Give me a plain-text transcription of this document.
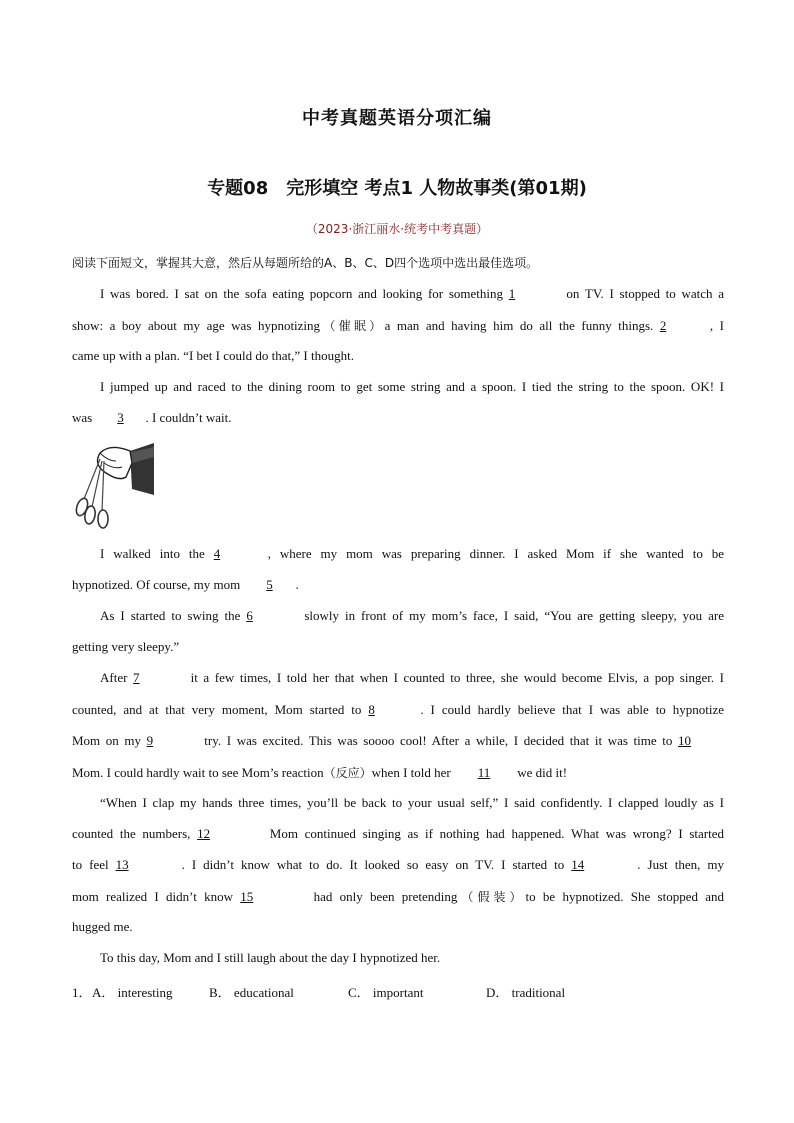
中考真题英语分项汇编
专题08　完形填空 考点1 人物故事类(第01期)
（2023·浙江丽水·统考中考真题）
阅读下面短文，掌握其大意，然后从每题所给的A、B、C、D四个选项中选出最佳选项。
I was bored. I sat on the sofa eating popcorn and looking for something 1	on TV. I stopped to watch a
show: a boy about my age was hypnotizing（催眠）a man and having him do all the funny things. 2	, I
came up with a plan. “I bet I could do that,” I thought.
I jumped up and raced to the dining room to get some string and a spoon. I tied the string to the spoon. OK! I
was 3 . I couldn’t wait.
I walked into the 4	, where my mom was preparing dinner. I asked Mom if she wanted to be
hypnotized. Of course, my mom 5 .
As I started to swing the 6	slowly in front of my mom’s face, I said, “You are getting sleepy, you are
getting very sleepy.”
After 7	it a few times, I told her that when I counted to three, she would become Elvis, a pop singer. I
counted, and at that very moment, Mom started to 8	. I could hardly believe that I was able to hypnotize
Mom on my 9	try. I was excited. This was soooo cool! After a while, I decided that it was time to 10
Mom. I could hardly wait to see Mom’s reaction（反应）when I told her 11 we did it!
“When I clap my hands three times, you’ll be back to your usual self,” I said confidently. I clapped loudly as I
counted the numbers, 12	Mom continued singing as if nothing had happened. What was wrong? I started
to feel 13	. I didn’t know what to do. It looked so easy on TV. I started to 14	. Just then, my
mom realized I didn’t know 15	had only been pretending（假装）to be hypnotized. She stopped and
hugged me.
To this day, Mom and I still laugh about the day I hypnotized her.
1． A． interesting	B． educational	C． important	D． traditional
